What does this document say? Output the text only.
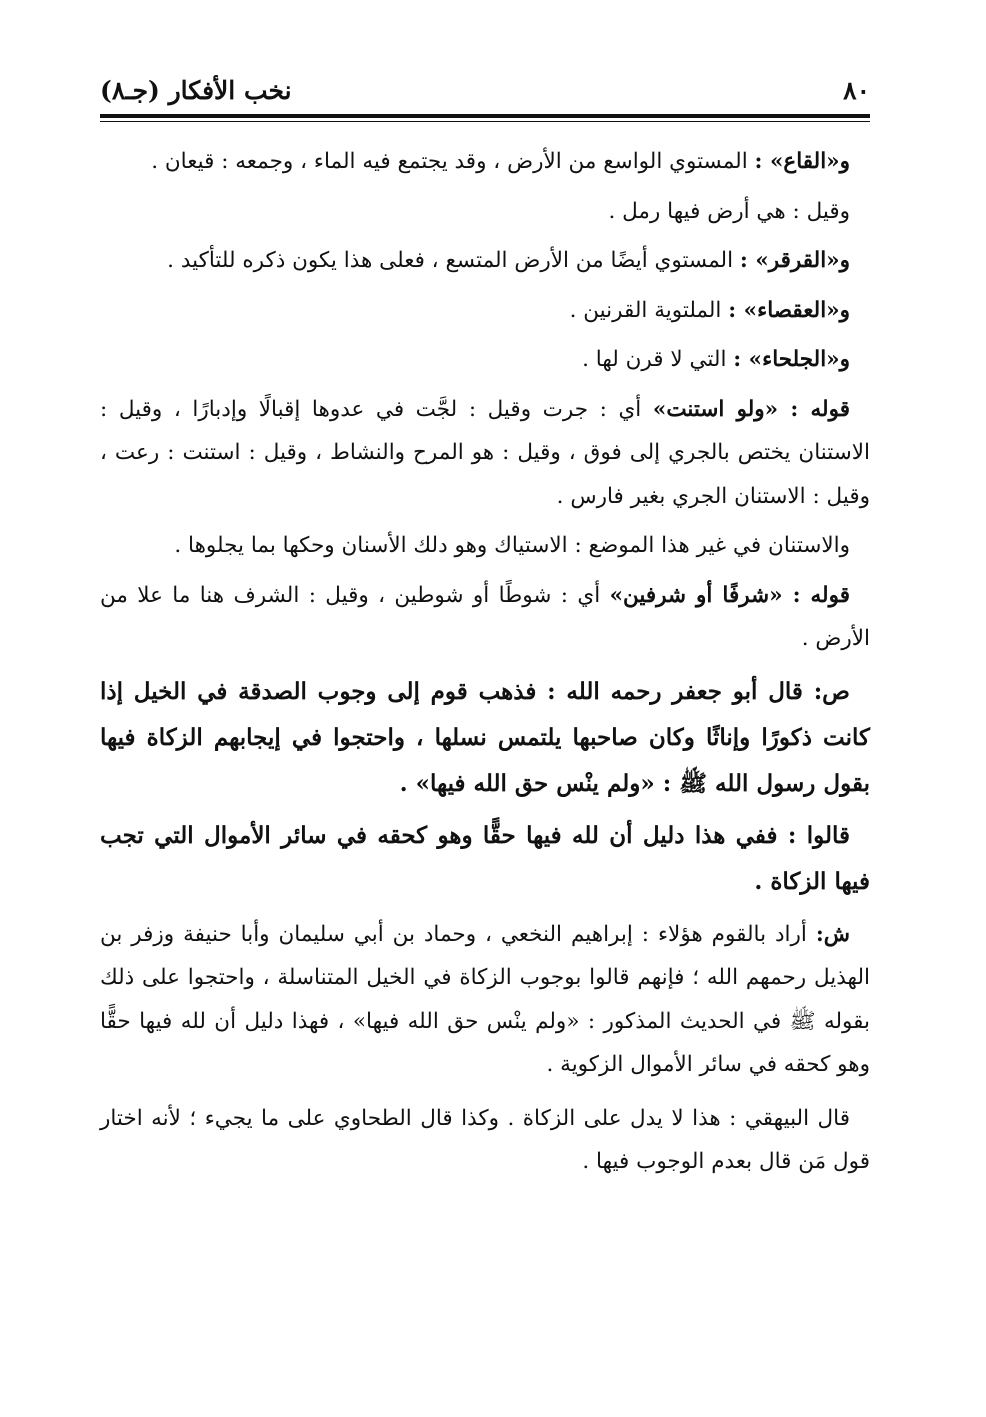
٨٠
نخب الأفكار (جـ٨)

و«القاع» : المستوي الواسع من الأرض ، وقد يجتمع فيه الماء ، وجمعه : قيعان .

وقيل : هي أرض فيها رمل .

و«القرقر» : المستوي أيضًا من الأرض المتسع ، فعلى هذا يكون ذكره للتأكيد .

و«العقصاء» : الملتوية القرنين .

و«الجلحاء» : التي لا قرن لها .

قوله : «ولو استنت» أي : جرت وقيل : لجَّت في عدوها إقبالًا وإدبارًا ، وقيل : الاستنان يختص بالجري إلى فوق ، وقيل : هو المرح والنشاط ، وقيل : استنت : رعت ، وقيل : الاستنان الجري بغير فارس .

والاستنان في غير هذا الموضع : الاستياك وهو دلك الأسنان وحكها بما يجلوها .

قوله : «شرفًا أو شرفين» أي : شوطًا أو شوطين ، وقيل : الشرف هنا ما علا من الأرض .

ص: قال أبو جعفر رحمه الله : فذهب قوم إلى وجوب الصدقة في الخيل إذا كانت ذكورًا وإناثًا وكان صاحبها يلتمس نسلها ، واحتجوا في إيجابهم الزكاة فيها بقول رسول الله ﷺ : «ولم ينْس حق الله فيها» .

قالوا : ففي هذا دليل أن لله فيها حقًّا وهو كحقه في سائر الأموال التي تجب فيها الزكاة .

ش: أراد بالقوم هؤلاء : إبراهيم النخعي ، وحماد بن أبي سليمان وأبا حنيفة وزفر بن الهذيل رحمهم الله ؛ فإنهم قالوا بوجوب الزكاة في الخيل المتناسلة ، واحتجوا على ذلك بقوله ﷺ في الحديث المذكور : «ولم ينْس حق الله فيها» ، فهذا دليل أن لله فيها حقًّا وهو كحقه في سائر الأموال الزكوية .

قال البيهقي : هذا لا يدل على الزكاة . وكذا قال الطحاوي على ما يجيء ؛ لأنه اختار قول مَن قال بعدم الوجوب فيها .
